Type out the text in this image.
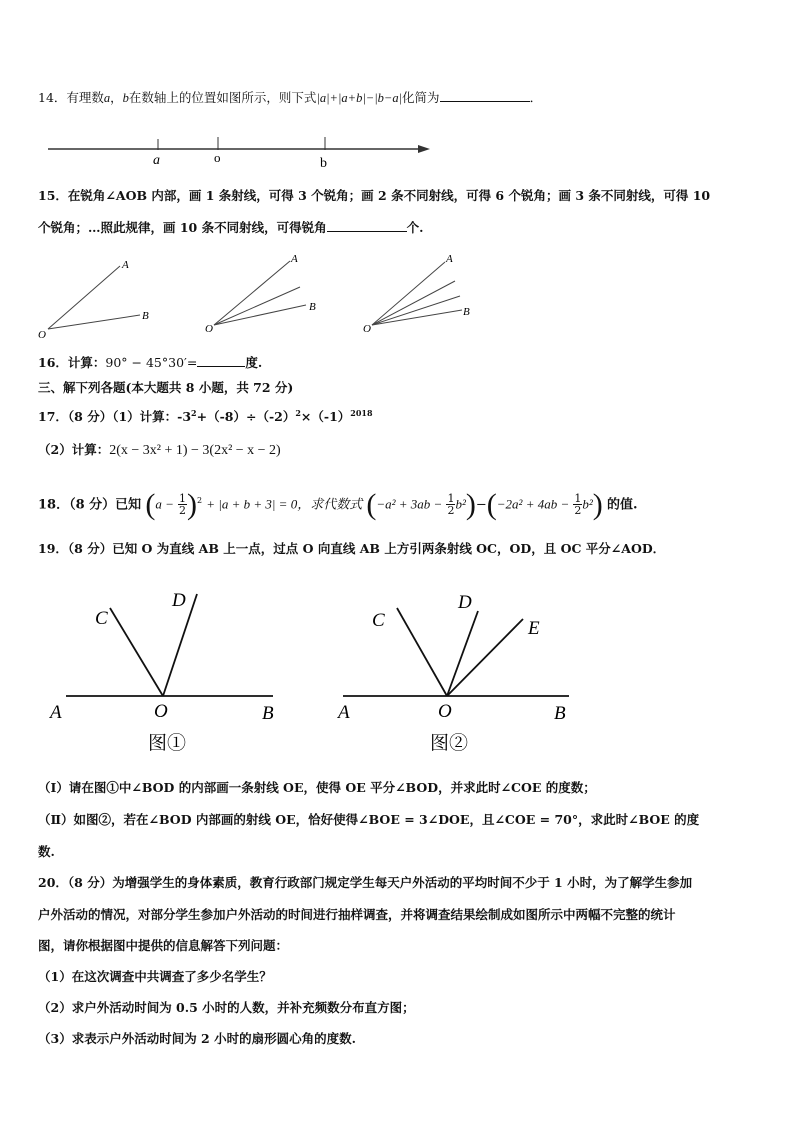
14．有理数a，b在数轴上的位置如图所示，则下式|a|+|a+b|−|b−a|化简为	．
a	o	b
15．在锐角∠AOB 内部，画 1 条射线，可得 3 个锐角；画 2 条不同射线，可得 6 个锐角；画 3 条不同射线，可得 10
个锐角；…照此规律，画 10 条不同射线，可得锐角	个.
A
B
O
A
B
O
A
B
O
16．计算：90° − 45°30′=	度.
三、解下列各题(本大题共 8 小题，共 72 分)
17．（8 分）（1）计算：$-3^2+(-8)\div(-2)^2\times(-1)^{2018}$
（2）计算：2(x − 3x² + 1) − 3(2x² − x − 2)
18．（8 分）已知 $(a - \frac{1}{2} )^2 + |a + b + 3| = 0$，求代数式 $(-a^2 + 3ab - \frac{1}{2} b^2)-(-2a^2 + 4ab - \frac{1}{2} b^2)$ 的值.
19．（8 分）已知 O 为直线 AB 上一点，过点 O 向直线 AB 上方引两条射线 OC，OD，且 OC 平分∠AOD．
A	O	B
C
D
图①
A	O	B
C
D
E
图②
（Ⅰ）请在图①中∠BOD 的内部画一条射线 OE，使得 OE 平分∠BOD，并求此时∠COE 的度数；
（Ⅱ）如图②，若在∠BOD 内部画的射线 OE，恰好使得∠BOE = 3∠DOE，且∠COE = 70°，求此时∠BOE 的度
数.
20．（8 分）为增强学生的身体素质，教育行政部门规定学生每天户外活动的平均时间不少于 1 小时，为了解学生参加
户外活动的情况，对部分学生参加户外活动的时间进行抽样调查，并将调查结果绘制成如图所示中两幅不完整的统计
图，请你根据图中提供的信息解答下列问题：
（1）在这次调查中共调查了多少名学生？
（2）求户外活动时间为 0.5 小时的人数，并补充频数分布直方图；
（3）求表示户外活动时间为 2 小时的扇形圆心角的度数.
